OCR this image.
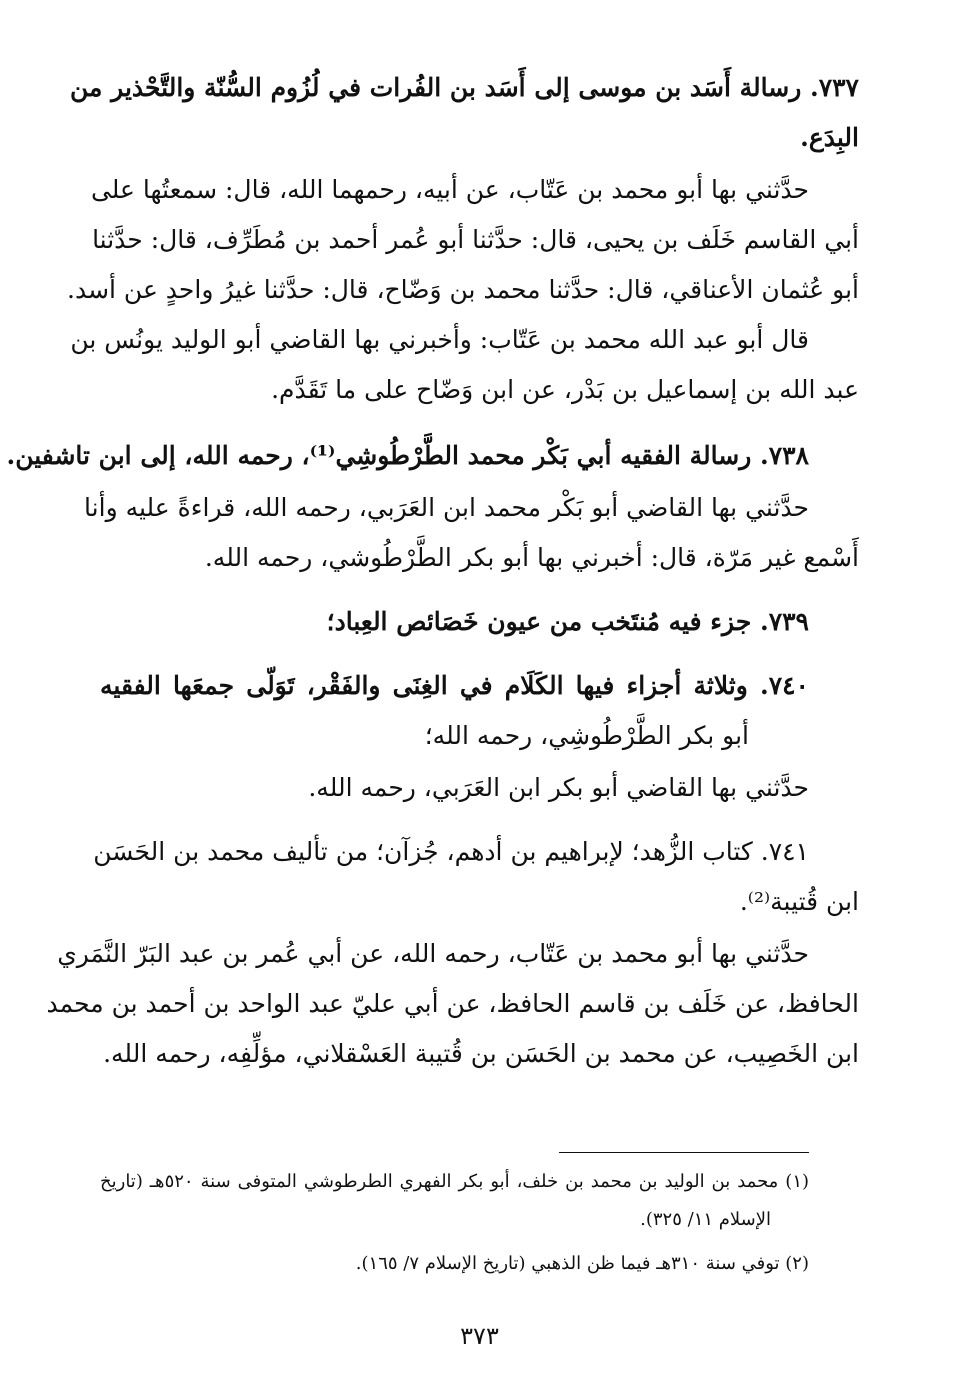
٧٣٧. رسالة أَسَد بن موسى إلى أَسَد بن الفُرات في لُزُوم السُّنّة والتَّحْذير من
البِدَع.
حدَّثني بها أبو محمد بن عَتّاب، عن أبيه، رحمهما الله، قال: سمعتُها على
أبي القاسم خَلَف بن يحيى، قال: حدَّثنا أبو عُمر أحمد بن مُطَرِّف، قال: حدَّثنا
أبو عُثمان الأعناقي، قال: حدَّثنا محمد بن وَضّاح، قال: حدَّثنا غيرُ واحدٍ عن أسد.
قال أبو عبد الله محمد بن عَتّاب: وأخبرني بها القاضي أبو الوليد يونُس بن
عبد الله بن إسماعيل بن بَدْر، عن ابن وَضّاح على ما تَقَدَّم.
٧٣٨. رسالة الفقيه أبي بَكْر محمد الطَّرْطُوشِي⁽¹⁾، رحمه الله، إلى ابن تاشفين.
حدَّثني بها القاضي أبو بَكْر محمد ابن العَرَبي، رحمه الله، قراءةً عليه وأنا
أَسْمع غير مَرّة، قال: أخبرني بها أبو بكر الطَّرْطُوشي، رحمه الله.
٧٣٩. جزء فيه مُنتَخب من عيون خَصَائص العِباد؛
٧٤٠. وثلاثة أجزاء فيها الكَلَام في الغِنَى والفَقْر، تَوَلّى جمعَها الفقيه
أبو بكر الطَّرْطُوشِي، رحمه الله؛
حدَّثني بها القاضي أبو بكر ابن العَرَبي، رحمه الله.
٧٤١. كتاب الزُّهد؛ لإبراهيم بن أدهم، جُزآن؛ من تأليف محمد بن الحَسَن
ابن قُتيبة⁽²⁾.
حدَّثني بها أبو محمد بن عَتّاب، رحمه الله، عن أبي عُمر بن عبد البَرّ النَّمَري
الحافظ، عن خَلَف بن قاسم الحافظ، عن أبي عليّ عبد الواحد بن أحمد بن محمد
ابن الخَصِيب، عن محمد بن الحَسَن بن قُتيبة العَسْقلاني، مؤلِّفِه، رحمه الله.
(١) محمد بن الوليد بن محمد بن خلف، أبو بكر الفهري الطرطوشي المتوفى سنة ٥٢٠هـ (تاريخ
الإسلام ١١/ ٣٢٥).
(٢) توفي سنة ٣١٠هـ فيما ظن الذهبي (تاريخ الإسلام ٧/ ١٦٥).
٣٧٣
